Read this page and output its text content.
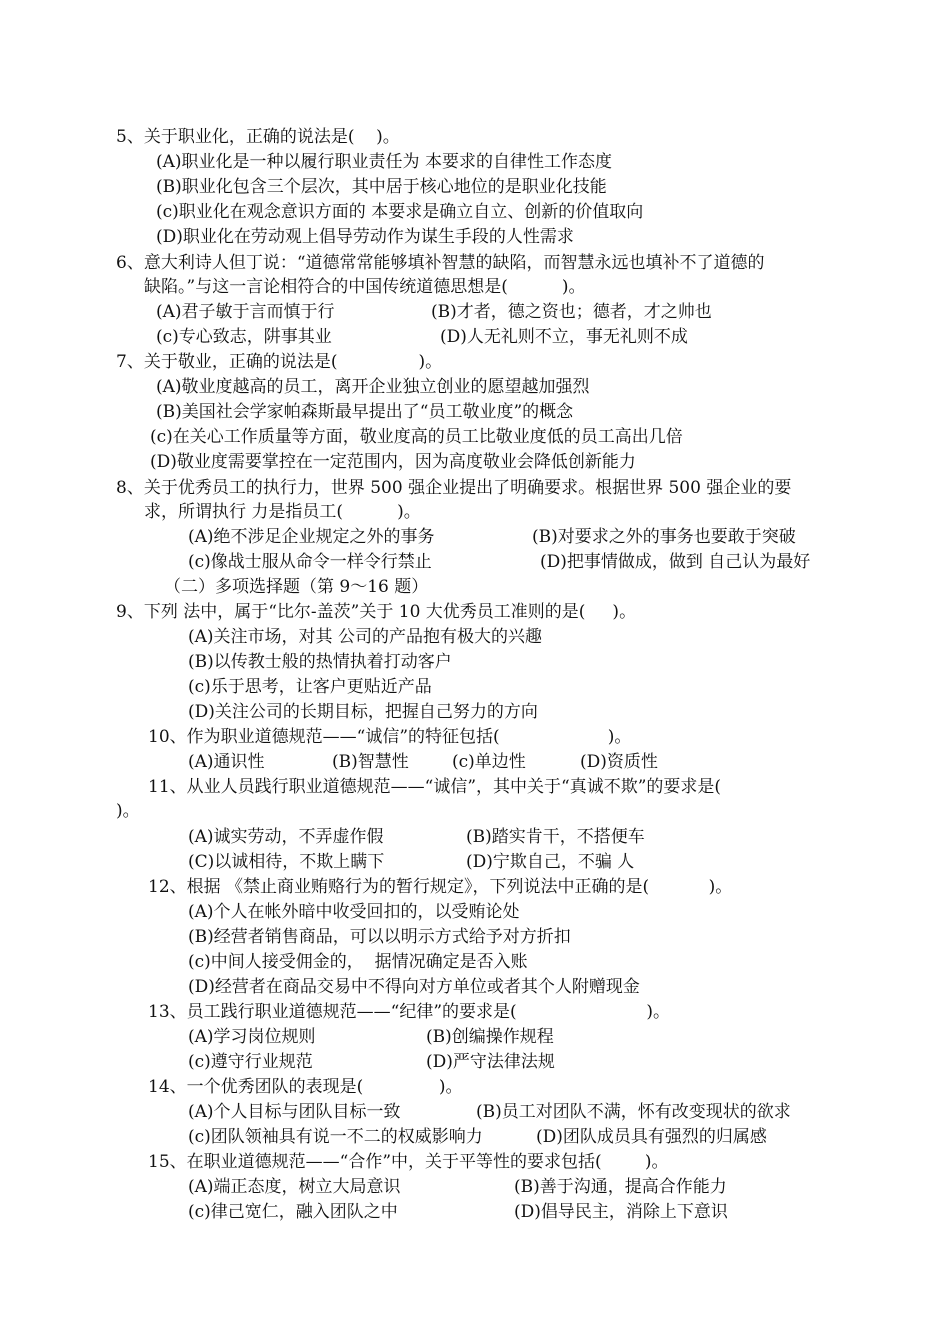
5、关于职业化，正确的说法是(    )。
(A)职业化是一种以履行职业责任为 本要求的自律性工作态度
(B)职业化包含三个层次，其中居于核心地位的是职业化技能
(c)职业化在观念意识方面的 本要求是确立自立、创新的价值取向
(D)职业化在劳动观上倡导劳动作为谋生手段的人性需求
6、意大利诗人但丁说：“道德常常能够填补智慧的缺陷，而智慧永远也填补不了道德的
缺陷。”与这一言论相符合的中国传统道德思想是(          )。
(A)君子敏于言而慎于行	(B)才者，德之资也；德者，才之帅也
(c)专心致志，阱事其业	(D)人无礼则不立，事无礼则不成
7、关于敬业，正确的说法是(               )。
(A)敬业度越高的员工，离开企业独立创业的愿望越加强烈
(B)美国社会学家帕森斯最早提出了“员工敬业度”的概念
(c)在关心工作质量等方面，敬业度高的员工比敬业度低的员工高出几倍
(D)敬业度需要掌控在一定范围内，因为高度敬业会降低创新能力
8、关于优秀员工的执行力，世界 500 强企业提出了明确要求。根据世界 500 强企业的要
求，所谓执行 力是指员工(          )。
(A)绝不涉足企业规定之外的事务	(B)对要求之外的事务也要敢于突破
(c)像战士服从命令一样令行禁止	(D)把事情做成，做到 自己认为最好
（二）多项选择题（第 9～16 题）
9、下列 法中，属于“比尔-盖茨”关于 10 大优秀员工准则的是(     )。
(A)关注市场，对其 公司的产品抱有极大的兴趣
(B)以传教士般的热情执着打动客户
(c)乐于思考，让客户更贴近产品
(D)关注公司的长期目标，把握自己努力的方向
10、作为职业道德规范——“诚信”的特征包括(                    )。
(A)通识性	(B)智慧性	(c)单边性	(D)资质性
11、从业人员践行职业道德规范——“诚信”，其中关于“真诚不欺”的要求是(
)。
(A)诚实劳动，不弄虚作假	(B)踏实肯干，不搭便车
(C)以诚相待，不欺上瞒下	(D)宁欺自己，不骗 人
12、根据 《禁止商业贿赂行为的暂行规定》，下列说法中正确的是(           )。
(A)个人在帐外暗中收受回扣的，以受贿论处
(B)经营者销售商品，可以以明示方式给予对方折扣
(c)中间人接受佣金的，  据情况确定是否入账
(D)经营者在商品交易中不得向对方单位或者其个人附赠现金
13、员工践行职业道德规范——“纪律”的要求是(                        )。
(A)学习岗位规则	(B)创编操作规程
(c)遵守行业规范	(D)严守法律法规
14、一个优秀团队的表现是(              )。
(A)个人目标与团队目标一致	(B)员工对团队不满，怀有改变现状的欲求
(c)团队领袖具有说一不二的权威影响力	(D)团队成员具有强烈的归属感
15、在职业道德规范——“合作”中，关于平等性的要求包括(        )。
(A)端正态度，树立大局意识	(B)善于沟通，提高合作能力
(c)律己宽仁，融入团队之中	(D)倡导民主，消除上下意识
